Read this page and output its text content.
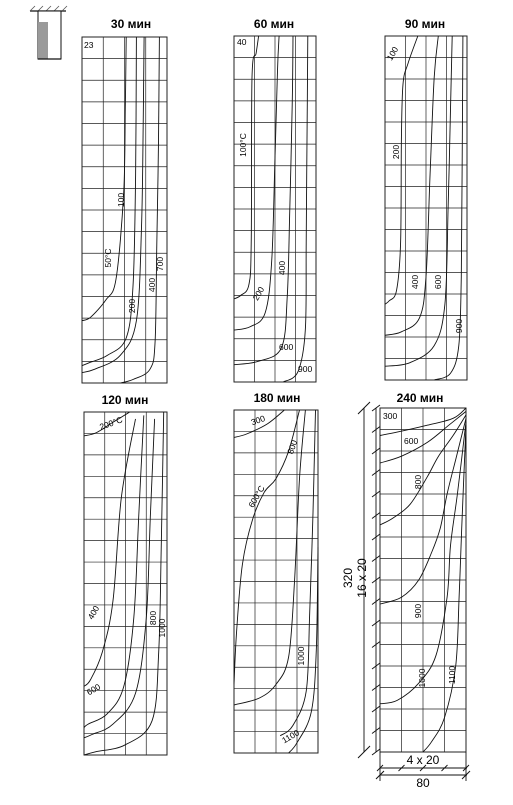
30 мин	60 мин	90 мин
120 мин	180 мин	240 мин
23
100
50°C	700
400
200
40
100°C
400
200
600
900
100
200
400 600
900
200°C
400	800
1000
600
300
800
600°C
1000
1100
300
600
800
900
1000 1100
320 16 x 20
4 x 20
80
